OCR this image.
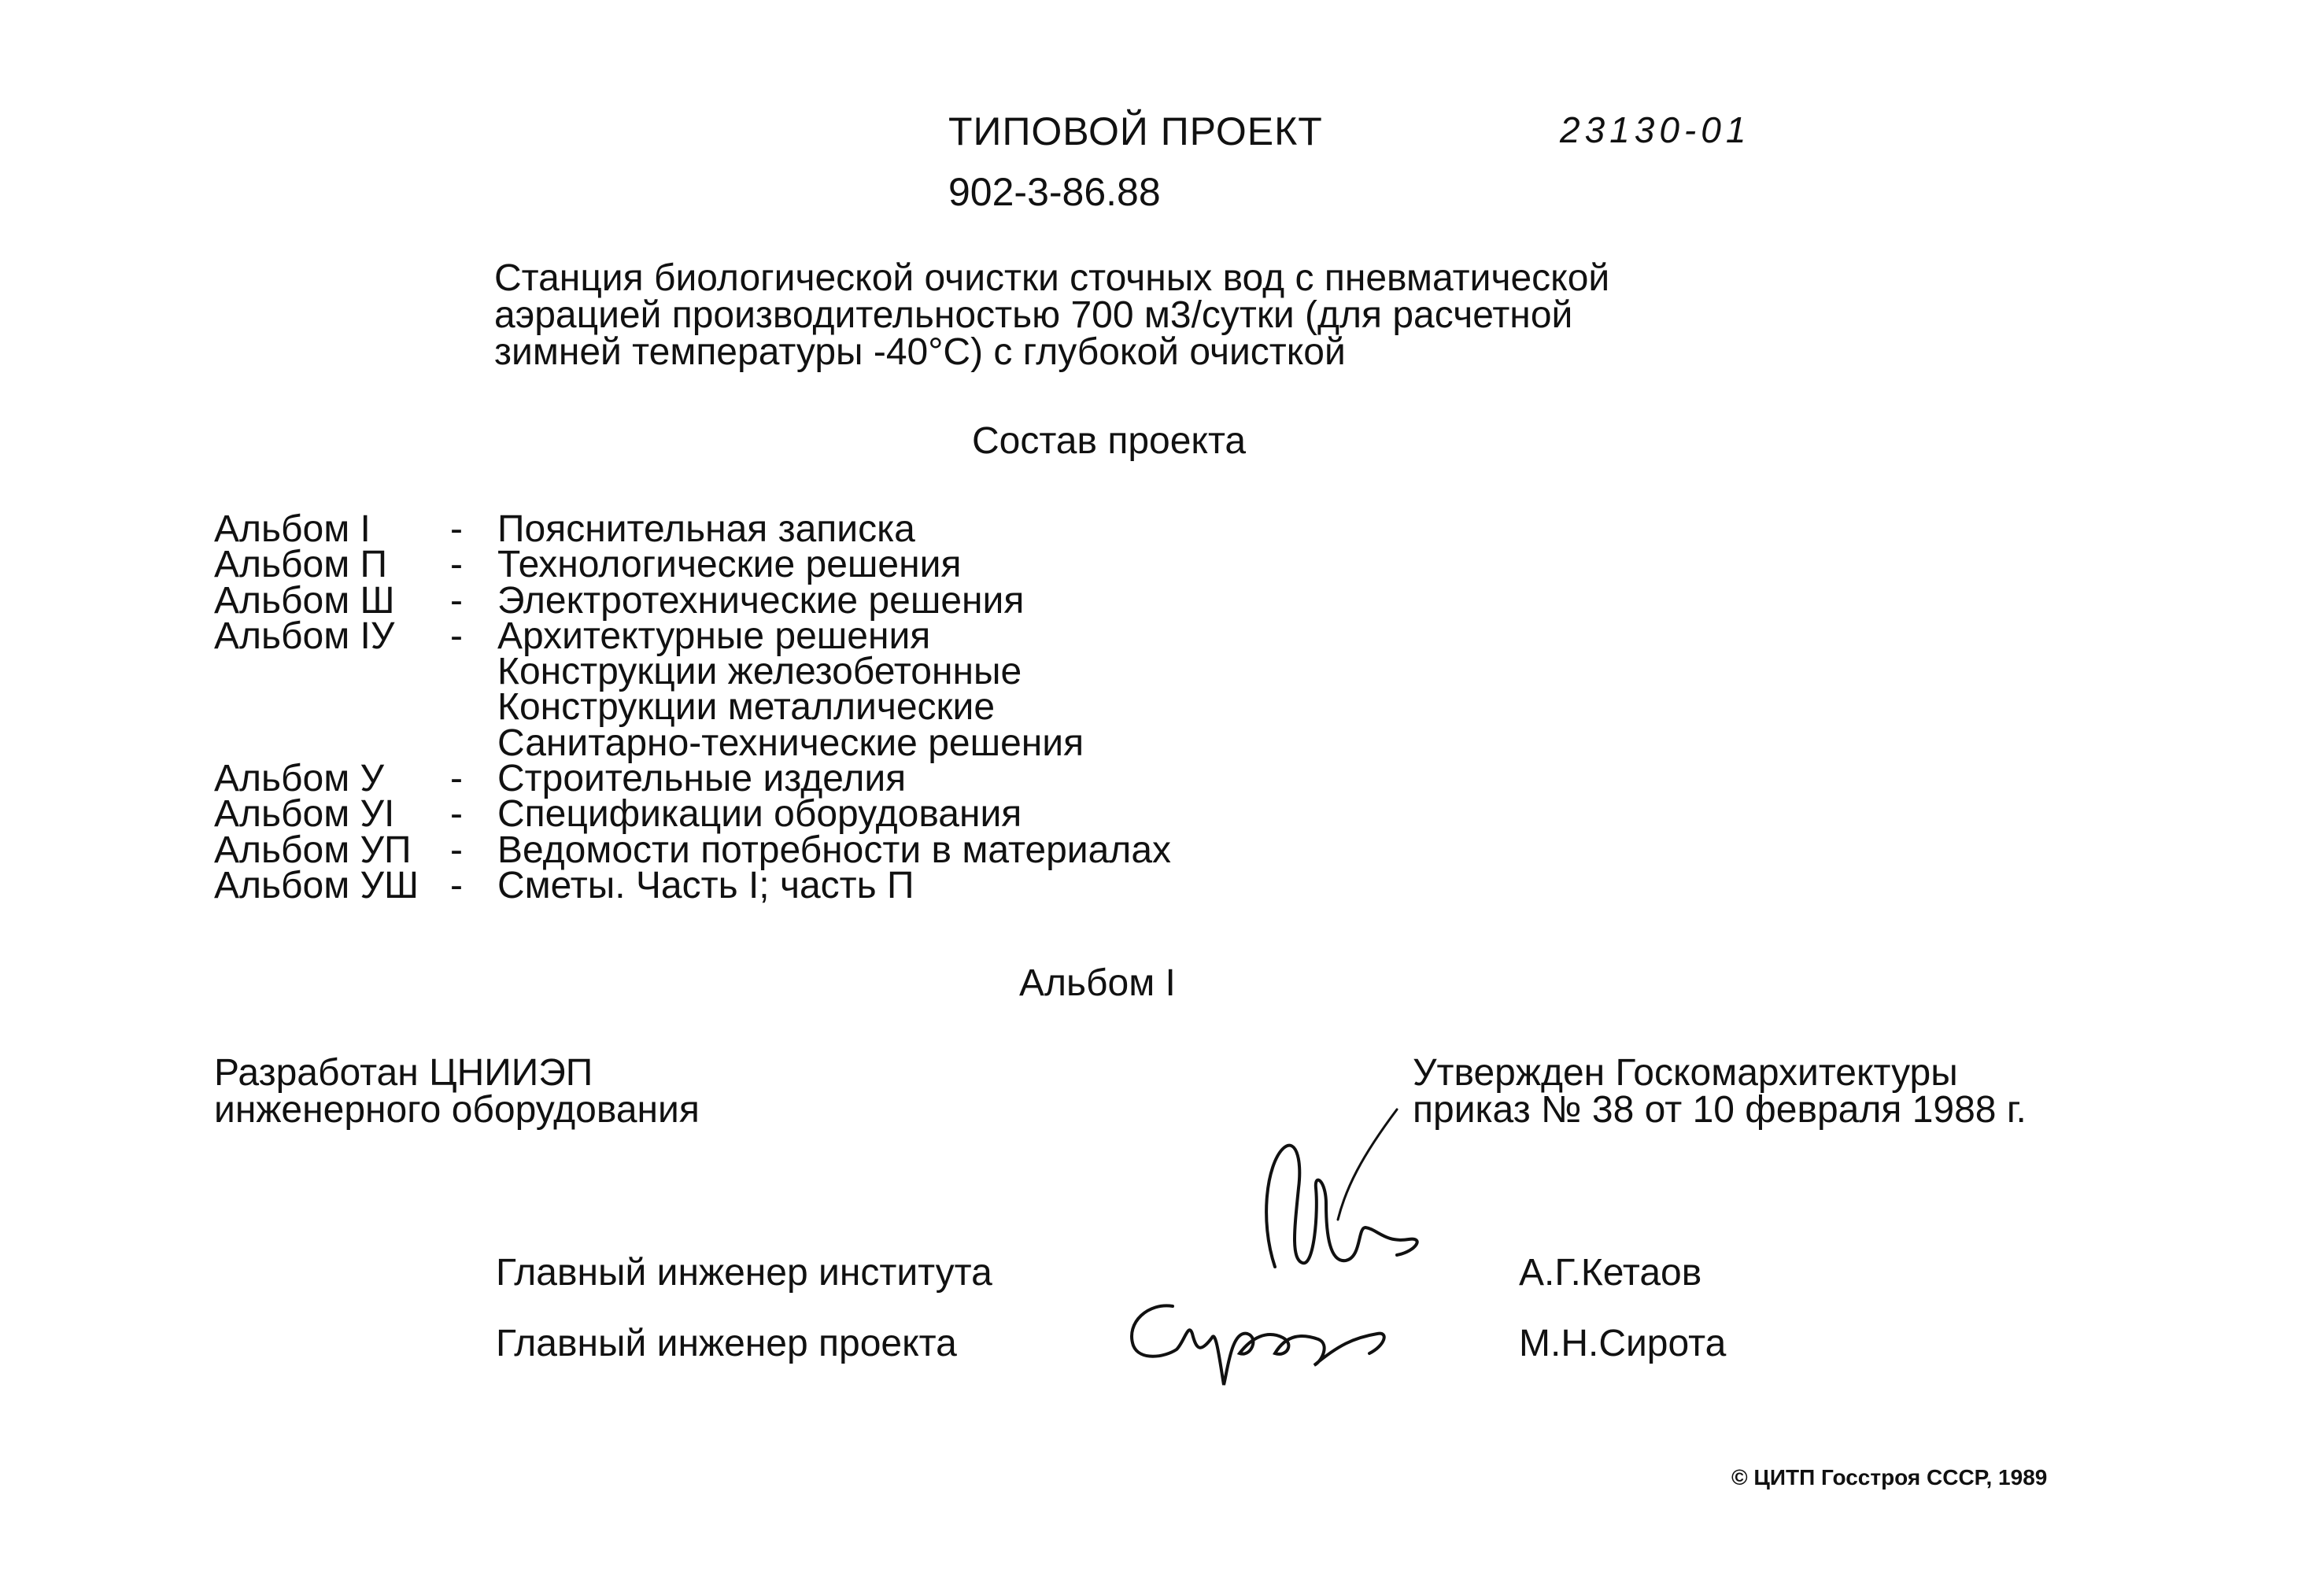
ТИПОВОЙ ПРОЕКТ
902-3-86.88
23130-01
Станция биологической очистки сточных вод с пневматической
аэрацией производительностью 700 м3/сутки (для расчетной
зимней температуры -40°С) с глубокой очисткой
Состав проекта
Альбом I	- Пояснительная записка
Альбом П	- Технологические решения
Альбом Ш	- Электротехнические решения
Альбом IУ	- Архитектурные решения
Конструкции железобетонные
Конструкции металлические
Санитарно-технические решения
Альбом У	- Строительные изделия
Альбом УI	- Спецификации оборудования
Альбом УП	- Ведомости потребности в материалах
Альбом УШ - Сметы. Часть I; часть П
Альбом I
Разработан ЦНИИЭП
инженерного оборудования
Утвержден Госкомархитектуры
приказ № 38 от 10 февраля 1988 г.
Главный инженер института	А.Г.Кетаов
Главный инженер проекта	М.Н.Сирота
© ЦИТП Госстроя СССР, 1989
